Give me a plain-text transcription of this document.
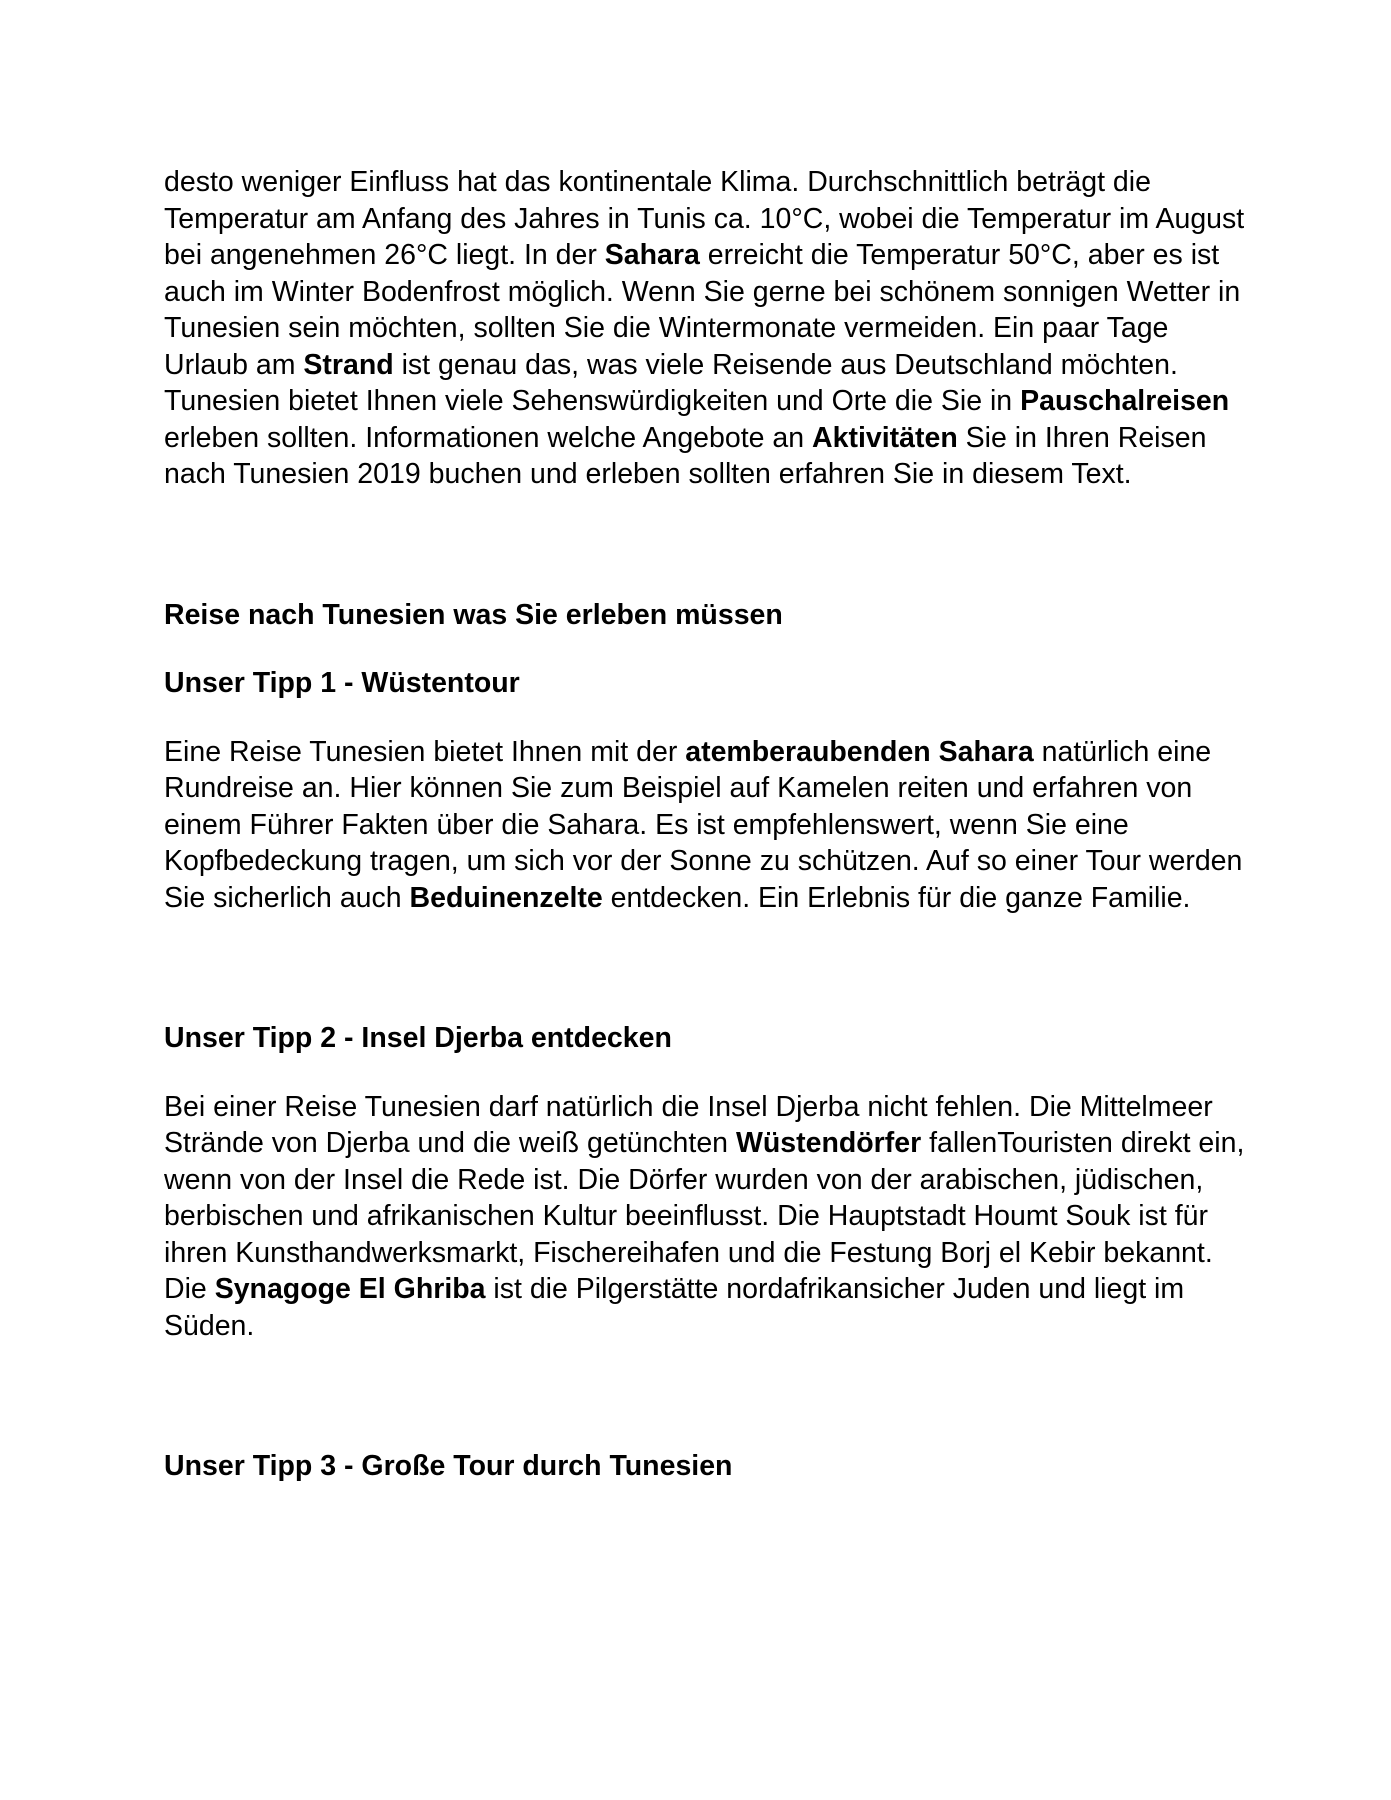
desto weniger Einfluss hat das kontinentale Klima. Durchschnittlich beträgt die Temperatur am Anfang des Jahres in Tunis ca. 10°C, wobei die Temperatur im August bei angenehmen 26°C liegt. In der Sahara erreicht die Temperatur 50°C, aber es ist auch im Winter Bodenfrost möglich. Wenn Sie gerne bei schönem sonnigen Wetter in Tunesien sein möchten, sollten Sie die Wintermonate vermeiden. Ein paar Tage Urlaub am Strand ist genau das, was viele Reisende aus Deutschland möchten. Tunesien bietet Ihnen viele Sehenswürdigkeiten und Orte die Sie in Pauschalreisen erleben sollten. Informationen welche Angebote an Aktivitäten Sie in Ihren Reisen nach Tunesien 2019 buchen und erleben sollten erfahren Sie in diesem Text.

Reise nach Tunesien was Sie erleben müssen

Unser Tipp 1 - Wüstentour

Eine Reise Tunesien bietet Ihnen mit der atemberaubenden Sahara natürlich eine Rundreise an. Hier können Sie zum Beispiel auf Kamelen reiten und erfahren von einem Führer Fakten über die Sahara. Es ist empfehlenswert, wenn Sie eine Kopfbedeckung tragen, um sich vor der Sonne zu schützen. Auf so einer Tour werden Sie sicherlich auch Beduinenzelte entdecken. Ein Erlebnis für die ganze Familie.

Unser Tipp 2 - Insel Djerba entdecken

Bei einer Reise Tunesien darf natürlich die Insel Djerba nicht fehlen. Die Mittelmeer Strände von Djerba und die weiß getünchten Wüstendörfer fallenTouristen direkt ein, wenn von der Insel die Rede ist. Die Dörfer wurden von der arabischen, jüdischen, berbischen und afrikanischen Kultur beeinflusst. Die Hauptstadt Houmt Souk ist für ihren Kunsthandwerksmarkt, Fischereihafen und die Festung Borj el Kebir bekannt. Die Synagoge El Ghriba ist die Pilgerstätte nordafrikansicher Juden und liegt im Süden.

Unser Tipp 3 - Große Tour durch Tunesien
